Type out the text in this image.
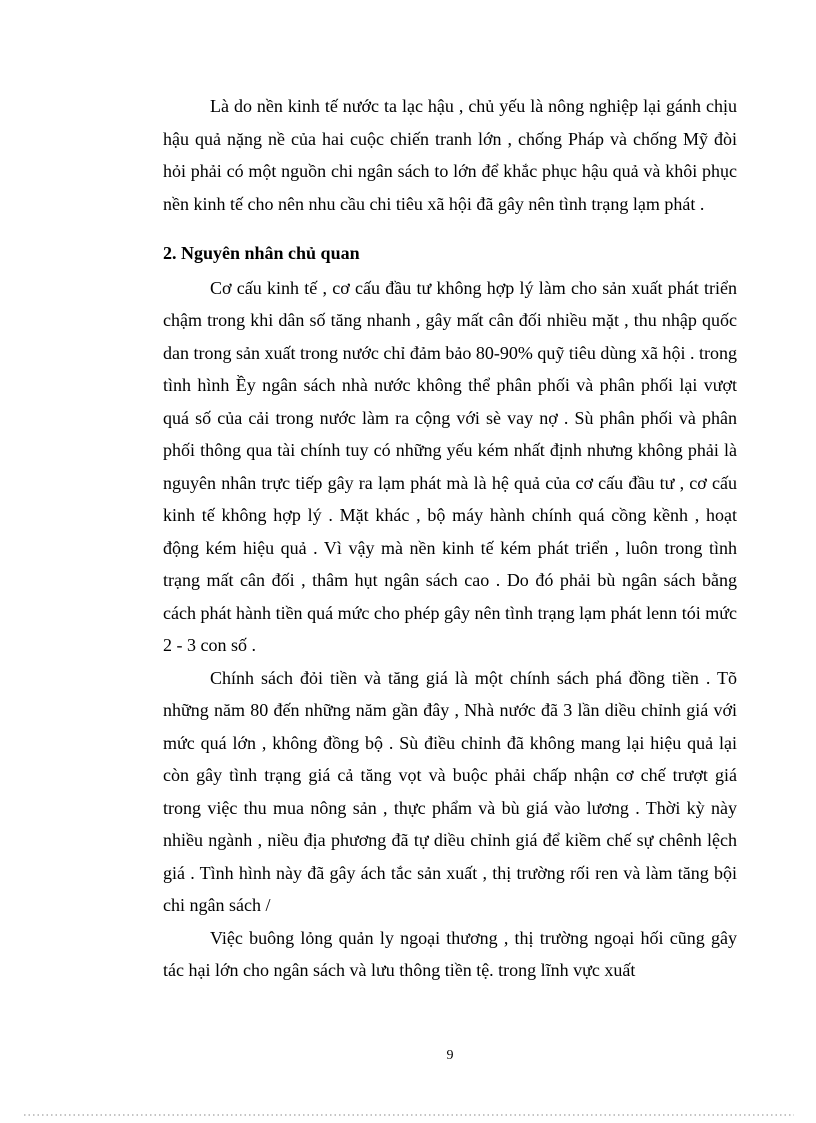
Là do nền kinh tế nước ta lạc hậu , chủ yếu là nông nghiệp lại gánh chịu hậu quả nặng nề của hai cuộc chiến tranh lớn , chống Pháp và chống Mỹ đòi hỏi phải có một nguồn chi ngân sách to lớn để khắc phục hậu quả và khôi phục nền kinh tế cho nên nhu cầu chi tiêu xã hội đã gây nên tình trạng lạm phát .

2. Nguyên nhân chủ quan

Cơ cấu kinh tế , cơ cấu đầu tư không hợp lý làm cho sản xuất phát triển chậm trong khi dân số tăng nhanh , gây mất cân đối nhiều mặt , thu nhập quốc dan trong sản xuất trong nước chỉ đảm bảo 80-90% quỹ tiêu dùng xã hội . trong tình hình Ềy ngân sách nhà nước không thể phân phối và phân phối lại vượt quá số của cải trong nước làm ra cộng với sè vay nợ . Sù phân phối và phân phối thông qua tài chính tuy có những yếu kém nhất định nhưng không phải là nguyên nhân trực tiếp gây ra lạm phát mà là hệ quả của cơ cấu đầu tư , cơ cấu kinh tế không hợp lý . Mặt khác , bộ máy hành chính quá cồng kềnh , hoạt động kém hiệu quả . Vì vậy mà nền kinh tế kém phát triển , luôn trong tình trạng mất cân đối , thâm hụt ngân sách cao . Do đó phải bù ngân sách bằng cách phát hành tiền quá mức cho phép gây nên tình trạng lạm phát lenn tói mức 2 - 3 con số .

Chính sách đỏi tiền và tăng giá là một chính sách phá đồng tiền . Tõ những năm 80 đến những năm gần đây , Nhà nước đã 3 lần diều chỉnh giá với mức quá lớn , không đồng bộ . Sù điều chỉnh đã không mang lại hiệu quả lại còn gây tình trạng giá cả tăng vọt và buộc phải chấp nhận cơ chế trượt giá trong việc thu mua nông sản , thực phẩm và bù giá vào lương . Thời kỳ này nhiều ngành , niều địa phương đã tự diều chỉnh giá để kiềm chế sự chênh lệch giá . Tình hình này đã gây ách tắc sản xuất , thị trường rối ren và làm tăng bội chi ngân sách /

Việc buông lỏng quản ly ngoại thương , thị trường ngoại hối cũng gây tác hại lớn cho ngân sách và lưu thông tiền tệ. trong lĩnh vực xuất

9
